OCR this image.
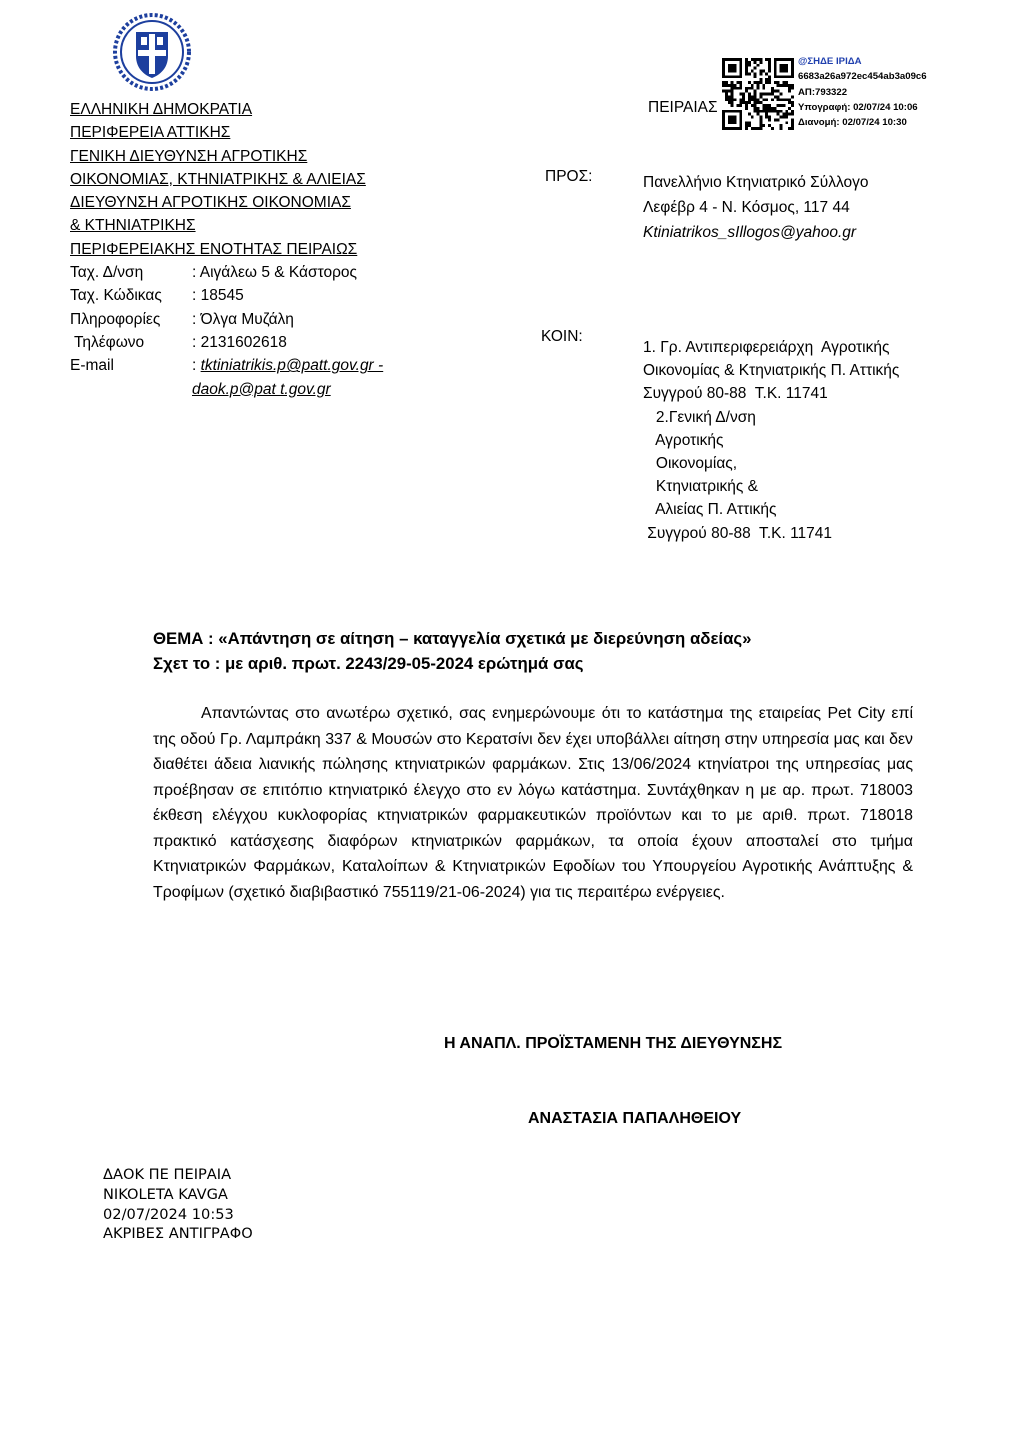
ΕΛΛΗΝΙΚΗ ΔΗΜΟΚΡΑΤΙΑ
ΠΕΡΙΦΕΡΕΙΑ ΑΤΤΙΚΗΣ
ΓΕΝΙΚΗ ΔΙΕΥΘΥΝΣΗ ΑΓΡΟΤΙΚΗΣ
ΟΙΚΟΝΟΜΙΑΣ, ΚΤΗΝΙΑΤΡΙΚΗΣ & ΑΛΙΕΙΑΣ
ΔΙΕΥΘΥΝΣΗ ΑΓΡΟΤΙΚΗΣ ΟΙΚΟΝΟΜΙΑΣ
& ΚΤΗΝΙΑΤΡΙΚΗΣ
ΠΕΡΙΦΕΡΕΙΑΚΗΣ ΕΝΟΤΗΤΑΣ ΠΕΙΡΑΙΩΣ
Ταχ. Δ/νση	: Αιγάλεω 5 & Κάστορος
Ταχ. Κώδικας : 18545
Πληροφορίες : Όλγα Μυζάλη
Τηλέφωνο	: 2131602618
E-mail	: tktiniatrikis.p@patt.gov.gr -
daok.p@pat t.gov.gr
ΠΕΙΡΑΙΑΣ
@ΣΗΔΕ ΙΡΙΔΑ
6683a26a972ec454ab3a09c6
ΑΠ:793322
Υπογραφή: 02/07/24 10:06
Διανομή: 02/07/24 10:30
ΠΡΟΣ:	Πανελλήνιο Κτηνιατρικό Σύλλογο
Λεφέβρ 4 - Ν. Κόσμος, 117 44
Ktiniatrikos_sIllogos@yahoo.gr
ΚΟΙΝ:
1. Γρ. Αντιπεριφερειάρχη  Αγροτικής
Οικονομίας & Κτηνιατρικής Π. Αττικής
Συγγρού 80-88  Τ.Κ. 11741
2.Γενική Δ/νση
Αγροτικής
Οικονομίας,
Κτηνιατρικής &
Αλιείας Π. Αττικής
Συγγρού 80-88  Τ.Κ. 11741
ΘΕΜΑ : «Απάντηση σε αίτηση – καταγγελία σχετικά με διερεύνηση αδείας»
Σχετ το : με αριθ. πρωτ. 2243/29-05-2024 ερώτημά σας

Απαντώντας στο ανωτέρω σχετικό, σας ενημερώνουμε ότι το κατάστημα της εταιρείας Pet City επί της οδού Γρ. Λαμπράκη 337 & Μουσών στο Κερατσίνι δεν έχει υποβάλλει αίτηση στην υπηρεσία μας και δεν διαθέτει άδεια λιανικής πώλησης κτηνιατρικών φαρμάκων. Στις 13/06/2024 κτηνίατροι της υπηρεσίας μας προέβησαν σε επιτόπιο κτηνιατρικό έλεγχο στο εν λόγω κατάστημα. Συντάχθηκαν η με αρ. πρωτ. 718003 έκθεση ελέγχου κυκλοφορίας κτηνιατρικών φαρμακευτικών προϊόντων και το με αριθ. πρωτ. 718018 πρακτικό κατάσχεσης διαφόρων κτηνιατρικών φαρμάκων, τα οποία έχουν αποσταλεί στο τμήμα Κτηνιατρικών Φαρμάκων, Καταλοίπων & Κτηνιατρικών Εφοδίων του Υπουργείου Αγροτικής Ανάπτυξης & Τροφίμων (σχετικό διαβιβαστικό 755119/21-06-2024) για τις περαιτέρω ενέργειες.

Η ΑΝΑΠΛ. ΠΡΟΪΣΤΑΜΕΝΗ ΤΗΣ ΔΙΕΥΘΥΝΣΗΣ
ΑΝΑΣΤΑΣΙΑ ΠΑΠΑΛΗΘΕΙΟΥ
ΔΑΟΚ ΠΕ ΠΕΙΡΑΙΑ
NIKOLETA KAVGA
02/07/2024 10:53
ΑΚΡΙΒΕΣ ΑΝΤΙΓΡΑΦΟ
